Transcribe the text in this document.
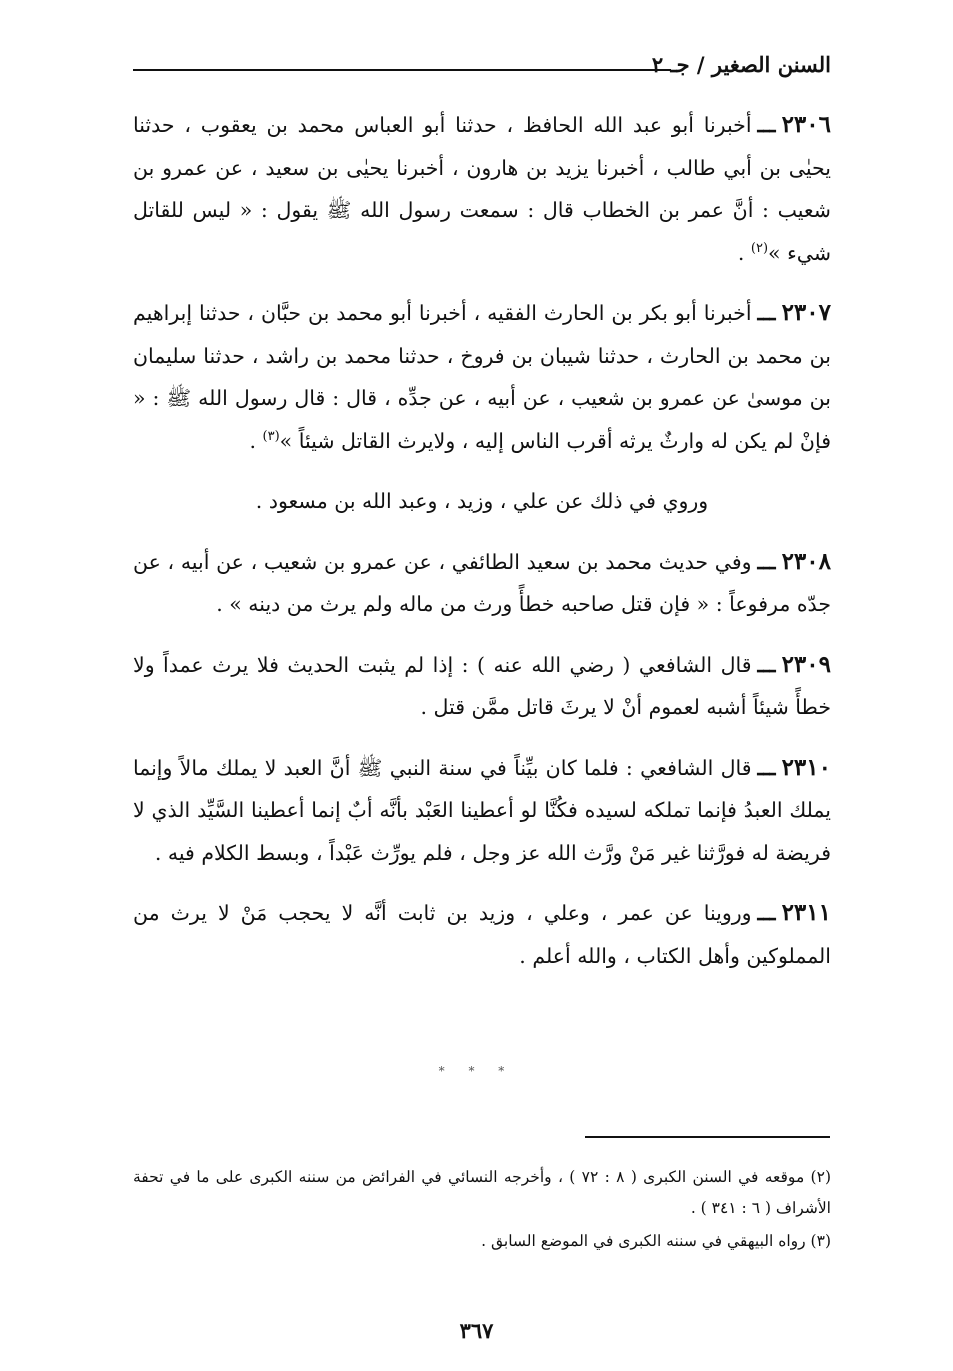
السنن الصغير / جـ ٢

٢٣٠٦ـــأخبرنا أبو عبد الله الحافظ ، حدثنا أبو العباس محمد بن يعقوب ، حدثنا يحيٰى بن أبي طالب ، أخبرنا يزيد بن هارون ، أخبرنا يحيٰى بن سعيد ، عن عمرو بن شعيب : أنَّ عمر بن الخطاب قال : سمعت رسول الله ﷺ يقول : « ليس للقاتل شيء »$^{(٢)}$ .

٢٣٠٧ـــأخبرنا أبو بكر بن الحارث الفقيه ، أخبرنا أبو محمد بن حبَّان ، حدثنا إبراهيم بن محمد بن الحارث ، حدثنا شيبان بن فروخ ، حدثنا محمد بن راشد ، حدثنا سليمان بن موسىٰ عن عمرو بن شعيب ، عن أبيه ، عن جدِّه ، قال : قال رسول الله ﷺ : « فإنْ لم يكن له وارثٌ يرثه أقرب الناس إليه ، ولايرث القاتل شيئاً »$^{(٣)}$ .

وروي في ذلك عن علي ، وزيد ، وعبد الله بن مسعود .

٢٣٠٨ـــوفي حديث محمد بن سعيد الطائفي ، عن عمرو بن شعيب ، عن أبيه ، عن جدّه مرفوعاً : « فإن قتل صاحبه خطأً ورث من ماله ولم يرث من دينه » .

٢٣٠٩ـــقال الشافعي ( رضي الله عنه ) : إذا لم يثبت الحديث فلا يرث عمداً ولا خطأً شيئاً أشبه لعموم أنْ لا يرثَ قاتل ممَّن قتل .

٢٣١٠ـــقال الشافعي : فلما كان بيِّناً في سنة النبي ﷺ أنَّ العبد لا يملك مالاً وإنما يملك العبدُ فإنما تملكه لسيده فكُنَّا لو أعطينا العَبْد بأنَّه أبٌ إنما أعطينا السَّيِّد الذي لا فريضة له فورَّثنا غير مَنْ ورَّث الله عز وجل ، فلم يورِّث عَبْداً ، وبسط الكلام فيه .

٢٣١١ـــوروينا عن عمر ، وعلي ، وزيد بن ثابت أنَّه لا يحجب مَنْ لا يرث من المملوكين وأهل الكتاب ، والله أعلم .

* * *

(٢) موقعه في السنن الكبرى ( ٨ : ٧٢ ) ، وأخرجه النسائي في الفرائض من سننه الكبرى على ما في تحفة الأشراف ( ٦ : ٣٤١ ) .

(٣) رواه البيهقي في سننه الكبرى في الموضع السابق .

٣٦٧
